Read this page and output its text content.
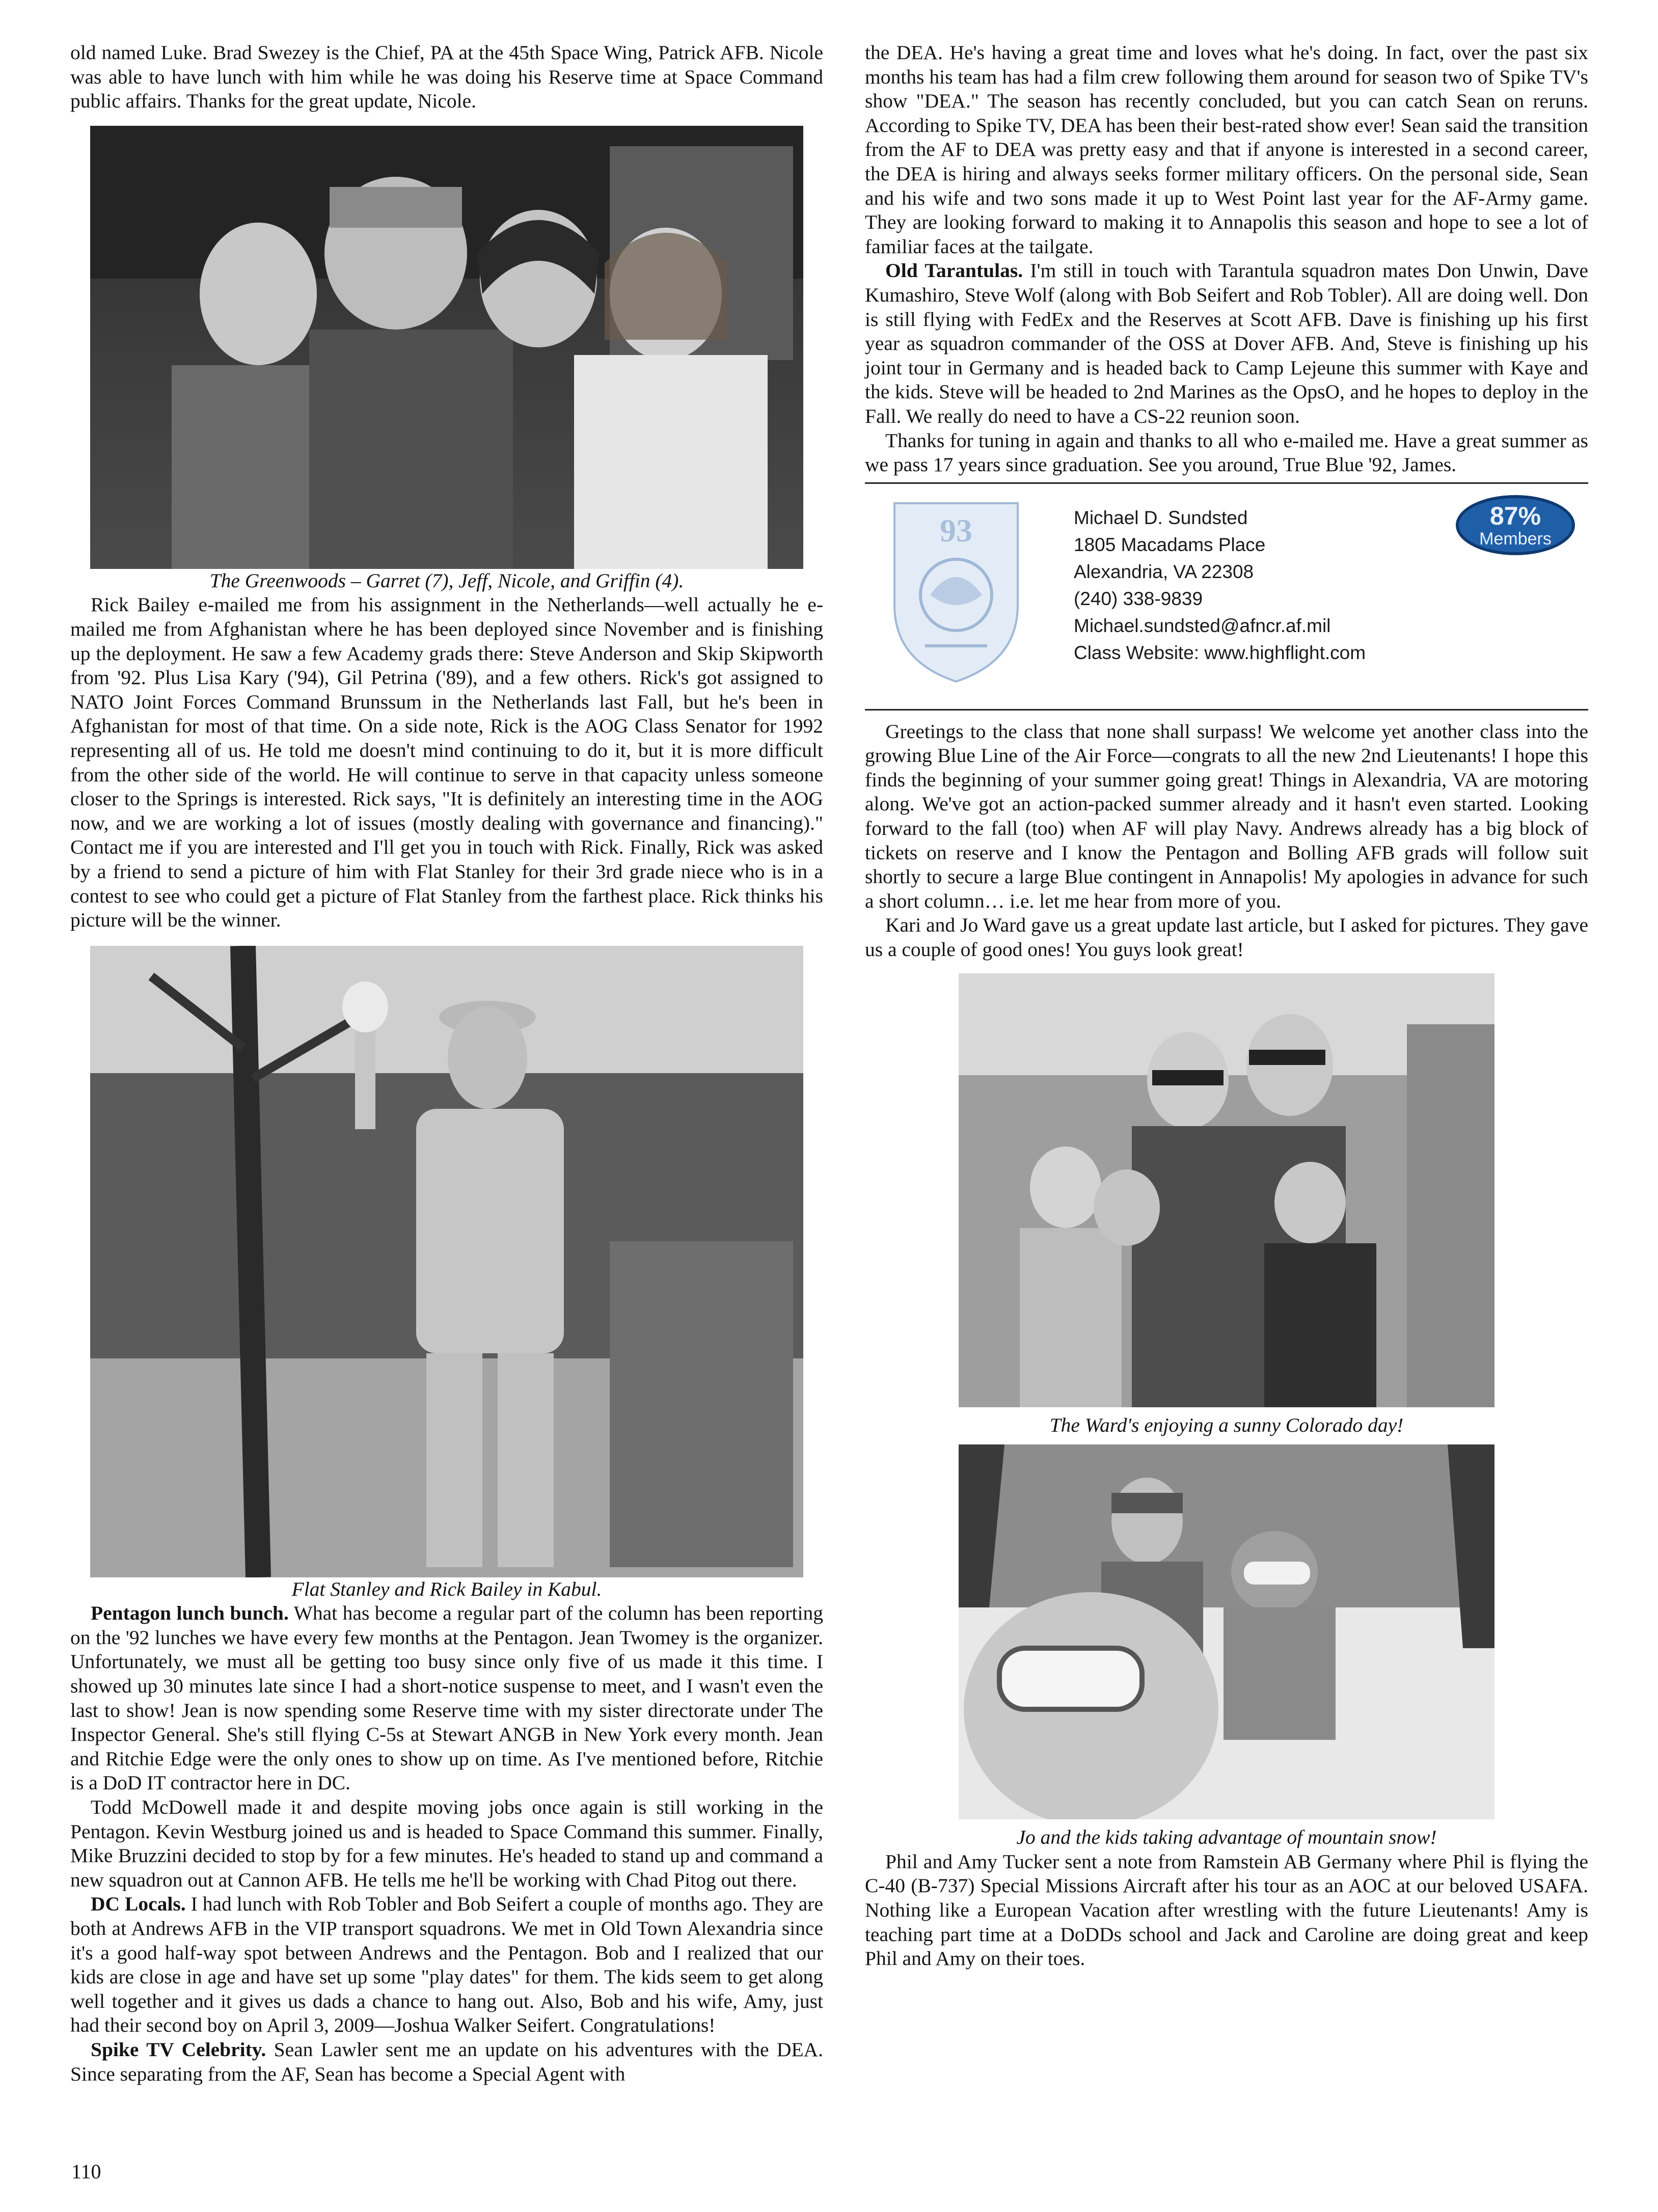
old named Luke. Brad Swezey is the Chief, PA at the 45th Space Wing, Patrick AFB. Nicole was able to have lunch with him while he was doing his Reserve time at Space Command public affairs. Thanks for the great update, Nicole.

The Greenwoods – Garret (7), Jeff, Nicole, and Griffin (4).

Rick Bailey e-mailed me from his assignment in the Netherlands—well actually he e-mailed me from Afghanistan where he has been deployed since November and is finishing up the deployment. He saw a few Academy grads there: Steve Anderson and Skip Skipworth from '92. Plus Lisa Kary ('94), Gil Petrina ('89), and a few others. Rick's got assigned to NATO Joint Forces Command Brunssum in the Netherlands last Fall, but he's been in Afghanistan for most of that time. On a side note, Rick is the AOG Class Senator for 1992 representing all of us. He told me doesn't mind continuing to do it, but it is more difficult from the other side of the world. He will continue to serve in that capacity unless someone closer to the Springs is interested. Rick says, "It is definitely an interesting time in the AOG now, and we are working a lot of issues (mostly dealing with governance and financing)." Contact me if you are interested and I'll get you in touch with Rick. Finally, Rick was asked by a friend to send a picture of him with Flat Stanley for their 3rd grade niece who is in a contest to see who could get a picture of Flat Stanley from the farthest place. Rick thinks his picture will be the winner.

Flat Stanley and Rick Bailey in Kabul.

Pentagon lunch bunch. What has become a regular part of the column has been reporting on the '92 lunches we have every few months at the Pentagon. Jean Twomey is the organizer. Unfortunately, we must all be getting too busy since only five of us made it this time. I showed up 30 minutes late since I had a short-notice suspense to meet, and I wasn't even the last to show! Jean is now spending some Reserve time with my sister directorate under The Inspector General. She's still flying C-5s at Stewart ANGB in New York every month. Jean and Ritchie Edge were the only ones to show up on time. As I've mentioned before, Ritchie is a DoD IT contractor here in DC.

Todd McDowell made it and despite moving jobs once again is still working in the Pentagon. Kevin Westburg joined us and is headed to Space Command this summer. Finally, Mike Bruzzini decided to stop by for a few minutes. He's headed to stand up and command a new squadron out at Cannon AFB. He tells me he'll be working with Chad Pitog out there.

DC Locals. I had lunch with Rob Tobler and Bob Seifert a couple of months ago. They are both at Andrews AFB in the VIP transport squadrons. We met in Old Town Alexandria since it's a good half-way spot between Andrews and the Pentagon. Bob and I realized that our kids are close in age and have set up some "play dates" for them. The kids seem to get along well together and it gives us dads a chance to hang out. Also, Bob and his wife, Amy, just had their second boy on April 3, 2009—Joshua Walker Seifert. Congratulations!

Spike TV Celebrity. Sean Lawler sent me an update on his adventures with the DEA. Since separating from the AF, Sean has become a Special Agent with

the DEA. He's having a great time and loves what he's doing. In fact, over the past six months his team has had a film crew following them around for season two of Spike TV's show "DEA." The season has recently concluded, but you can catch Sean on reruns. According to Spike TV, DEA has been their best-rated show ever! Sean said the transition from the AF to DEA was pretty easy and that if anyone is interested in a second career, the DEA is hiring and always seeks former military officers. On the personal side, Sean and his wife and two sons made it up to West Point last year for the AF-Army game. They are looking forward to making it to Annapolis this season and hope to see a lot of familiar faces at the tailgate.

Old Tarantulas. I'm still in touch with Tarantula squadron mates Don Unwin, Dave Kumashiro, Steve Wolf (along with Bob Seifert and Rob Tobler). All are doing well. Don is still flying with FedEx and the Reserves at Scott AFB. Dave is finishing up his first year as squadron commander of the OSS at Dover AFB. And, Steve is finishing up his joint tour in Germany and is headed back to Camp Lejeune this summer with Kaye and the kids. Steve will be headed to 2nd Marines as the OpsO, and he hopes to deploy in the Fall. We really do need to have a CS-22 reunion soon.

Thanks for tuning in again and thanks to all who e-mailed me. Have a great summer as we pass 17 years since graduation. See you around, True Blue '92, James.

93	Michael D. Sundsted
1805 Macadams Place
Alexandria, VA 22308
(240) 338-9839
Michael.sundsted@afncr.af.mil
Class Website: www.highflight.com
87%
Members

Greetings to the class that none shall surpass! We welcome yet another class into the growing Blue Line of the Air Force—congrats to all the new 2nd Lieutenants! I hope this finds the beginning of your summer going great! Things in Alexandria, VA are motoring along. We've got an action-packed summer already and it hasn't even started. Looking forward to the fall (too) when AF will play Navy. Andrews already has a big block of tickets on reserve and I know the Pentagon and Bolling AFB grads will follow suit shortly to secure a large Blue contingent in Annapolis! My apologies in advance for such a short column… i.e. let me hear from more of you.

Kari and Jo Ward gave us a great update last article, but I asked for pictures. They gave us a couple of good ones! You guys look great!

The Ward's enjoying a sunny Colorado day!

Jo and the kids taking advantage of mountain snow!

Phil and Amy Tucker sent a note from Ramstein AB Germany where Phil is flying the C-40 (B-737) Special Missions Aircraft after his tour as an AOC at our beloved USAFA. Nothing like a European Vacation after wrestling with the future Lieutenants! Amy is teaching part time at a DoDDs school and Jack and Caroline are doing great and keep Phil and Amy on their toes.

110
